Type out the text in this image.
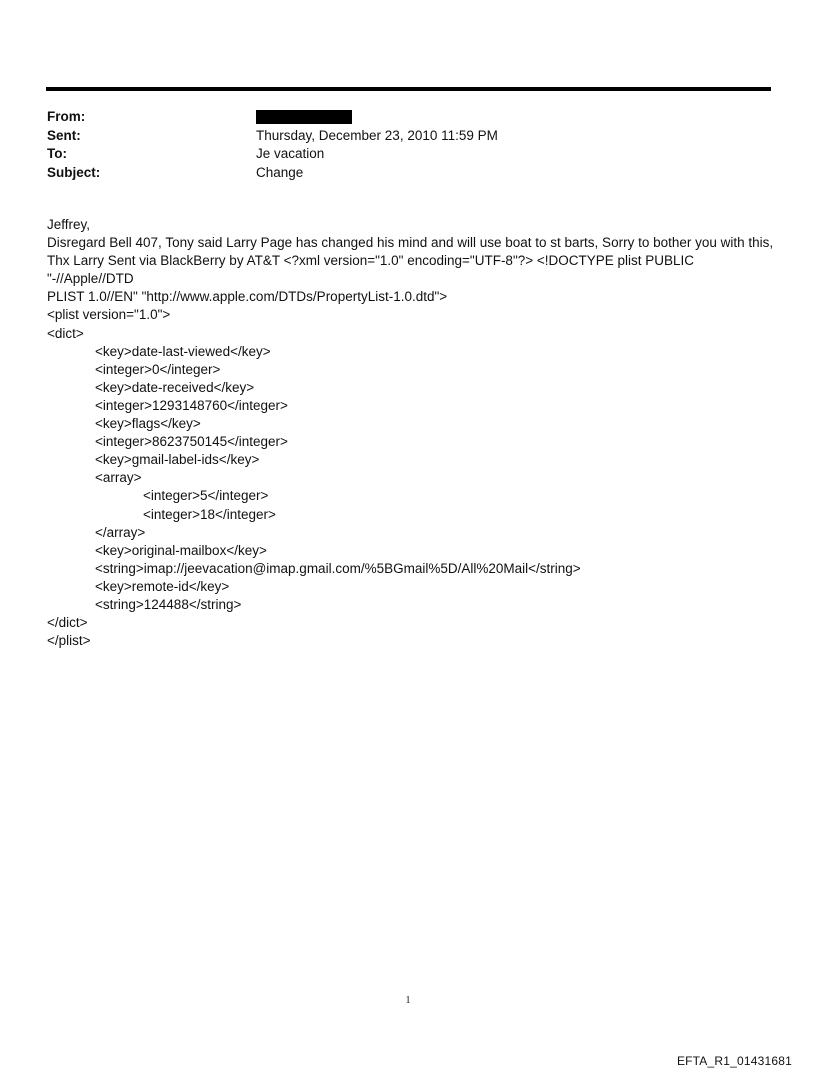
From:
Sent:	Thursday, December 23, 2010 11:59 PM
To:	Je vacation
Subject:	Change
Jeffrey,
Disregard Bell 407, Tony said Larry Page has changed his mind and will use boat to st barts, Sorry to bother you with this,
Thx Larry Sent via BlackBerry by AT&T <?xml version="1.0" encoding="UTF-8"?> <!DOCTYPE plist PUBLIC "-//Apple//DTD
PLIST 1.0//EN" "http://www.apple.com/DTDs/PropertyList-1.0.dtd">
<plist version="1.0">
<dict>
<key>date-last-viewed</key>
<integer>0</integer>
<key>date-received</key>
<integer>1293148760</integer>
<key>flags</key>
<integer>8623750145</integer>
<key>gmail-label-ids</key>
<array>
<integer>5</integer>
<integer>18</integer>
</array>
<key>original-mailbox</key>
<string>imap://jeevacation@imap.gmail.com/%5BGmail%5D/All%20Mail</string>
<key>remote-id</key>
<string>124488</string>
</dict>
</plist>
1
EFTA_R1_01431681
